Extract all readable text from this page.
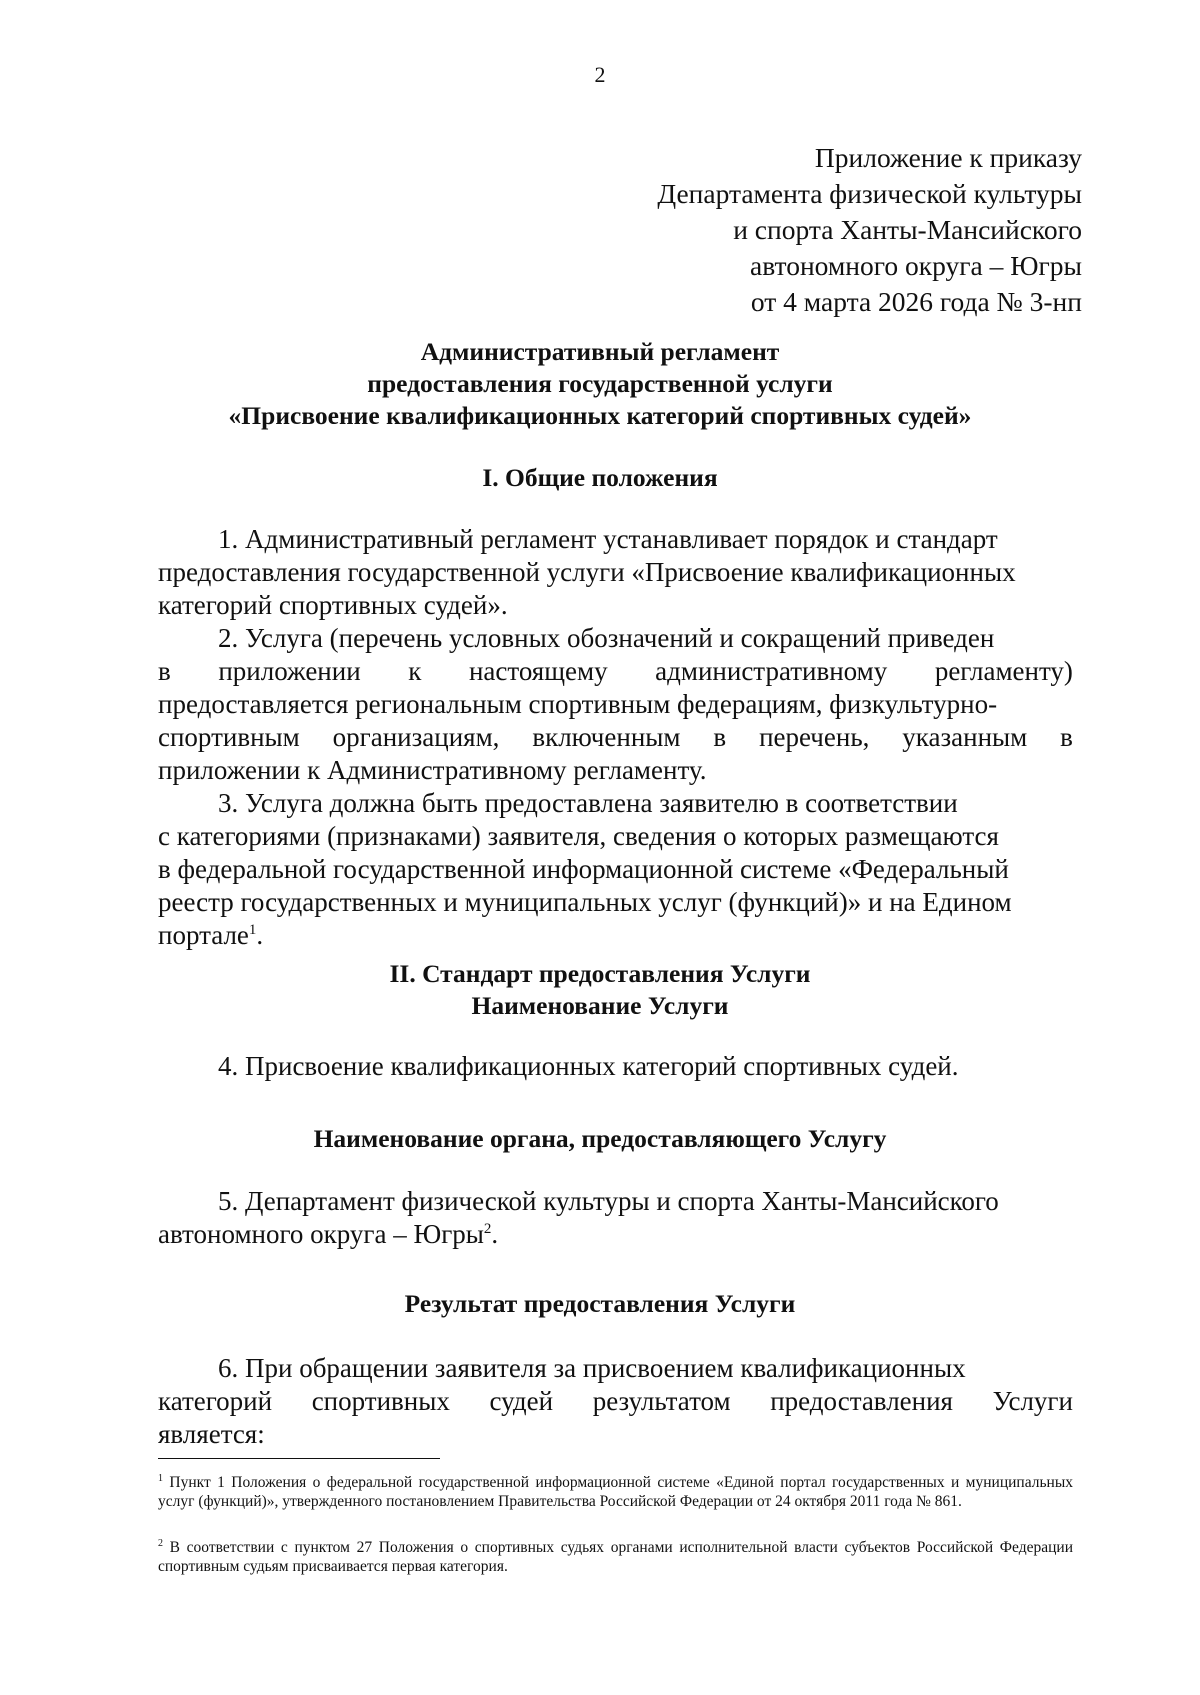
2
Приложение к приказу
Департамента физической культуры
и спорта Ханты-Мансийского
автономного округа – Югры
от 4 марта 2026 года № 3-нп
Административный регламент
предоставления государственной услуги
«Присвоение квалификационных категорий спортивных судей»
I. Общие положения
1. Административный регламент устанавливает порядок и стандарт
предоставления государственной услуги «Присвоение квалификационных
категорий спортивных судей».
2. Услуга (перечень условных обозначений и сокращений приведен
в приложении к настоящему административному регламенту)
предоставляется региональным спортивным федерациям, физкультурно-
спортивным организациям, включенным в перечень, указанным в
приложении к Административному регламенту.
3. Услуга должна быть предоставлена заявителю в соответствии
с категориями (признаками) заявителя, сведения о которых размещаются
в федеральной государственной информационной системе «Федеральный
реестр государственных и муниципальных услуг (функций)» и на Едином
портале$^1$.
II. Стандарт предоставления Услуги
Наименование Услуги
4. Присвоение квалификационных категорий спортивных судей.
Наименование органа, предоставляющего Услугу
5. Департамент физической культуры и спорта Ханты-Мансийского
автономного округа – Югры$^2$.
Результат предоставления Услуги
6. При обращении заявителя за присвоением квалификационных
категорий спортивных судей результатом предоставления Услуги
является:
$^1$ Пункт 1 Положения о федеральной государственной информационной системе «Единой портал государственных и муниципальных услуг (функций)», утвержденного постановлением Правительства Российской Федерации от 24 октября 2011 года № 861.
$^2$ В соответствии с пунктом 27 Положения о спортивных судьях органами исполнительной власти субъектов Российской Федерации спортивным судьям присваивается первая категория.
